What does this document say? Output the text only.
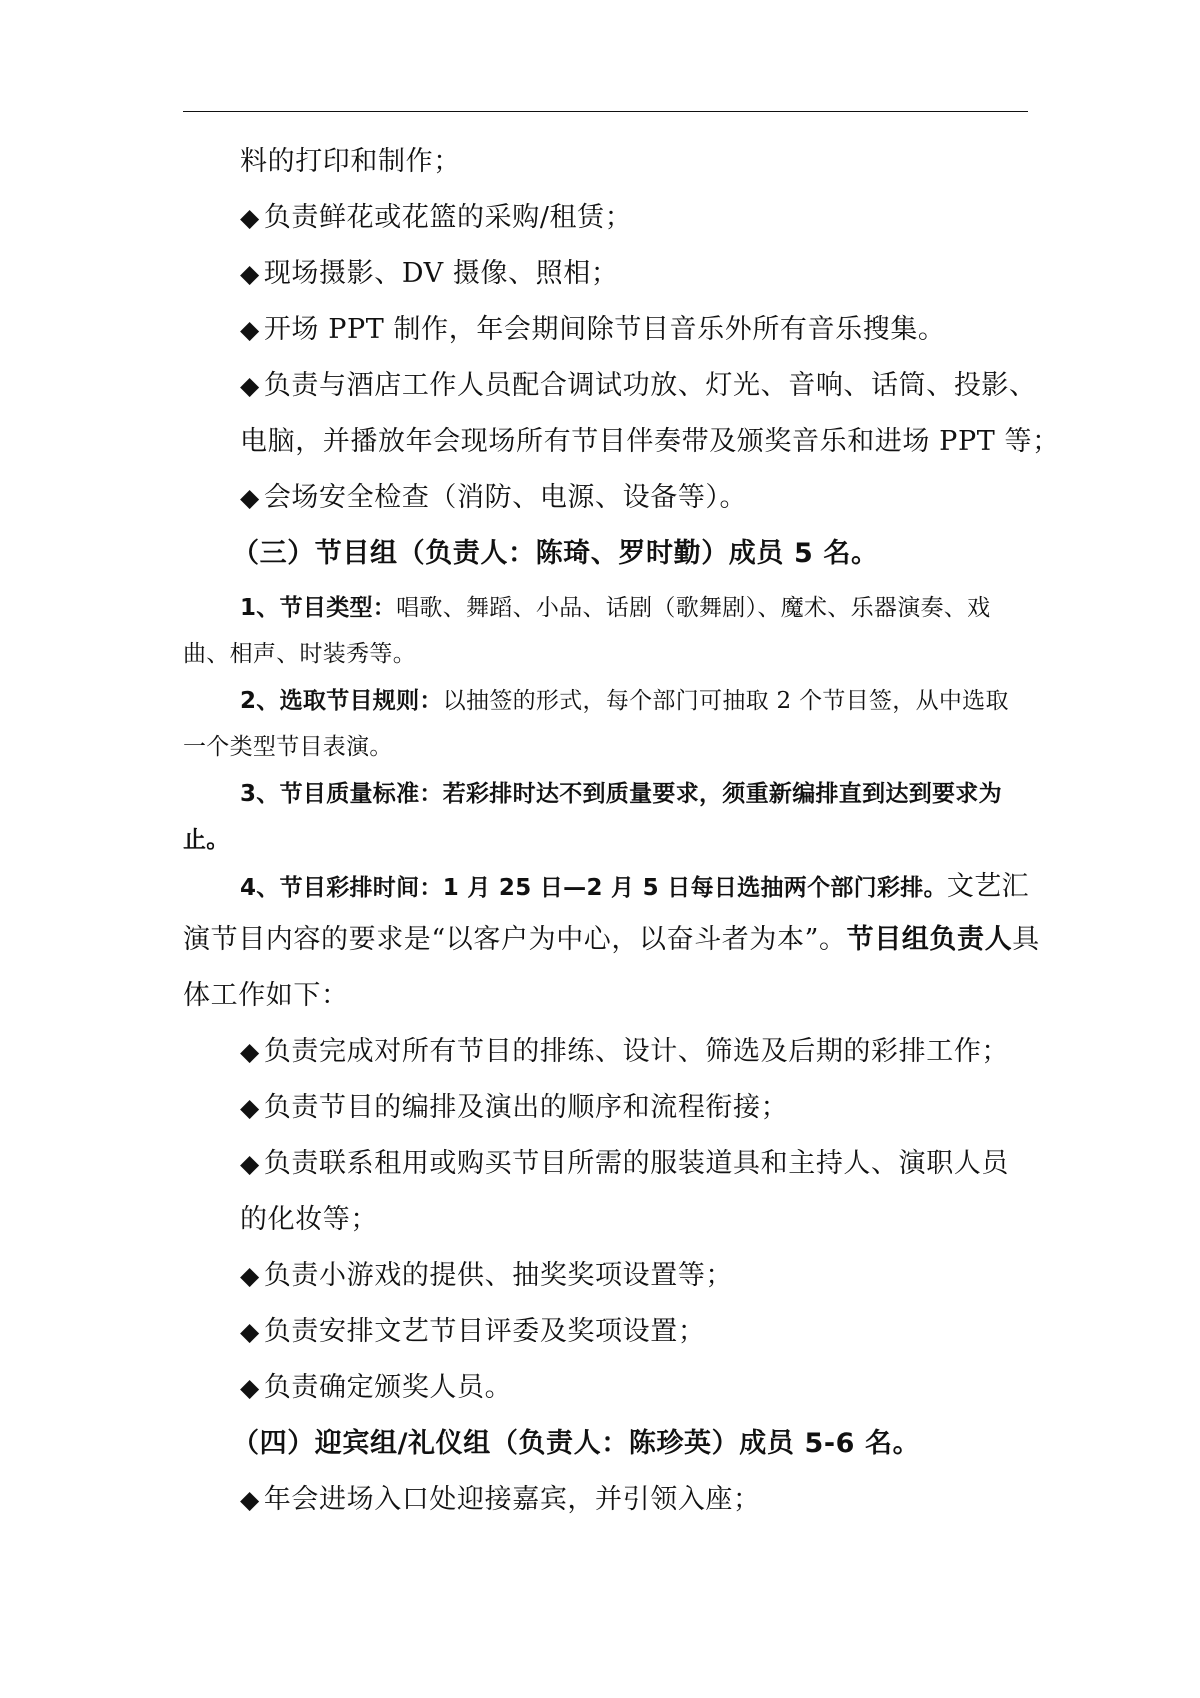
料的打印和制作；
◆ 负责鲜花或花篮的采购/租赁；
◆ 现场摄影、DV 摄像、照相；
◆ 开场 PPT 制作，年会期间除节目音乐外所有音乐搜集。
◆ 负责与酒店工作人员配合调试功放、灯光、音响、话筒、投影、
电脑，并播放年会现场所有节目伴奏带及颁奖音乐和进场 PPT 等；
◆ 会场安全检查（消防、电源、设备等）。
（三）节目组（负责人：陈琦、罗时勤）成员 5 名。
1、节目类型：唱歌、舞蹈、小品、话剧（歌舞剧）、魔术、乐器演奏、戏
曲、相声、时装秀等。
2、选取节目规则：以抽签的形式，每个部门可抽取 2 个节目签，从中选取
一个类型节目表演。
3、节目质量标准：若彩排时达不到质量要求，须重新编排直到达到要求为
止。
4、节目彩排时间：1 月 25 日—2 月 5 日每日选抽两个部门彩排。文艺汇
演节目内容的要求是“以客户为中心，以奋斗者为本”。节目组负责人具
体工作如下：
◆ 负责完成对所有节目的排练、设计、筛选及后期的彩排工作；
◆ 负责节目的编排及演出的顺序和流程衔接；
◆ 负责联系租用或购买节目所需的服装道具和主持人、演职人员
的化妆等；
◆ 负责小游戏的提供、抽奖奖项设置等；
◆ 负责安排文艺节目评委及奖项设置；
◆ 负责确定颁奖人员。
（四）迎宾组/礼仪组（负责人：陈珍英）成员 5-6 名。
◆ 年会进场入口处迎接嘉宾，并引领入座；
